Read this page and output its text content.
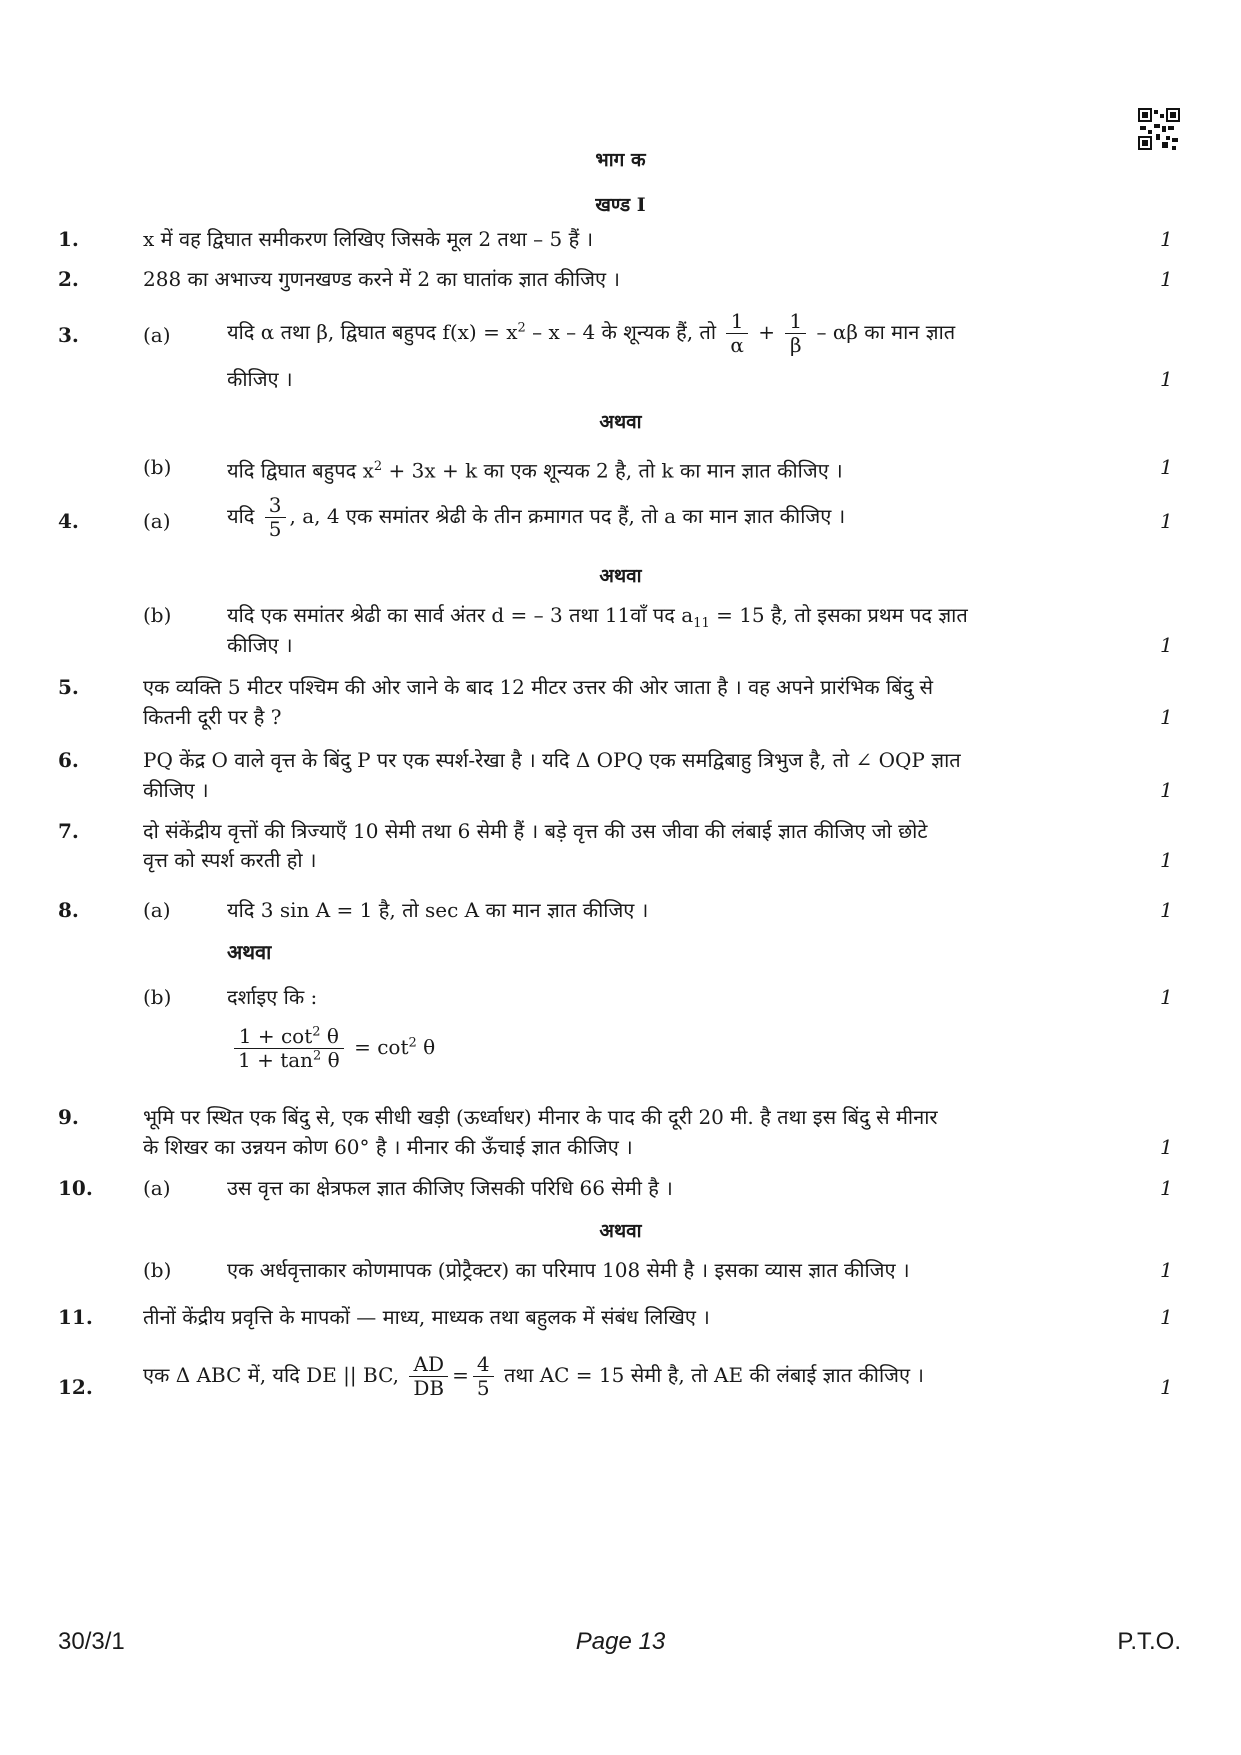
भाग क
खण्ड I
1.	x में वह द्विघात समीकरण लिखिए जिसके मूल 2 तथा – 5 हैं ।	1
2.	288 का अभाज्य गुणनखण्ड करने में 2 का घातांक ज्ञात कीजिए ।	1
3.	(a)	यदि α तथा β, द्विघात बहुपद $f(x) = x^2 - x - 4$ के शून्यक हैं, तो $\frac{1}{\alpha} + \frac{1}{\beta} - \alpha\beta$ का मान ज्ञात
कीजिए ।	1
अथवा
(b)	यदि द्विघात बहुपद $x^2 + 3x + k$ का एक शून्यक 2 है, तो k का मान ज्ञात कीजिए ।	1
4.	(a)	यदि $\frac{3}{5}$ , a, 4 एक समांतर श्रेढी के तीन क्रमागत पद हैं, तो a का मान ज्ञात कीजिए ।	1
अथवा
(b)	यदि एक समांतर श्रेढी का सार्व अंतर d = – 3 तथा 11वाँ पद $a_{11} = 15$ है, तो इसका प्रथम पद ज्ञात
कीजिए ।	1
5.	एक व्यक्ति 5 मीटर पश्चिम की ओर जाने के बाद 12 मीटर उत्तर की ओर जाता है । वह अपने प्रारंभिक बिंदु से
कितनी दूरी पर है ?	1
6.	PQ केंद्र O वाले वृत्त के बिंदु P पर एक स्पर्श-रेखा है । यदि Δ OPQ एक समद्विबाहु त्रिभुज है, तो ∠ OQP ज्ञात
कीजिए ।	1
7.	दो संकेंद्रीय वृत्तों की त्रिज्याएँ 10 सेमी तथा 6 सेमी हैं । बड़े वृत्त की उस जीवा की लंबाई ज्ञात कीजिए जो छोटे
वृत्त को स्पर्श करती हो ।	1
8.	(a)	यदि 3 sin A = 1 है, तो sec A का मान ज्ञात कीजिए ।	1
अथवा
(b)	दर्शाइए कि :	1
$\frac{1 + \cot^2 \theta}{1 + \tan^2 \theta} = \cot^2 \theta$
9.	भूमि पर स्थित एक बिंदु से, एक सीधी खड़ी (ऊर्ध्वाधर) मीनार के पाद की दूरी 20 मी. है तथा इस बिंदु से मीनार
के शिखर का उन्नयन कोण 60° है । मीनार की ऊँचाई ज्ञात कीजिए ।	1
10.	(a)	उस वृत्त का क्षेत्रफल ज्ञात कीजिए जिसकी परिधि 66 सेमी है ।	1
अथवा
(b)	एक अर्धवृत्ताकार कोणमापक (प्रोट्रैक्टर) का परिमाप 108 सेमी है । इसका व्यास ज्ञात कीजिए ।	1
11.	तीनों केंद्रीय प्रवृत्ति के मापकों — माध्य, माध्यक तथा बहुलक में संबंध लिखिए ।	1
12.	एक Δ ABC में, यदि DE || BC, $\frac{AD}{DB} = \frac{4}{5}$ तथा AC = 15 सेमी है, तो AE की लंबाई ज्ञात कीजिए ।	1
30/3/1	Page 13	P.T.O.
